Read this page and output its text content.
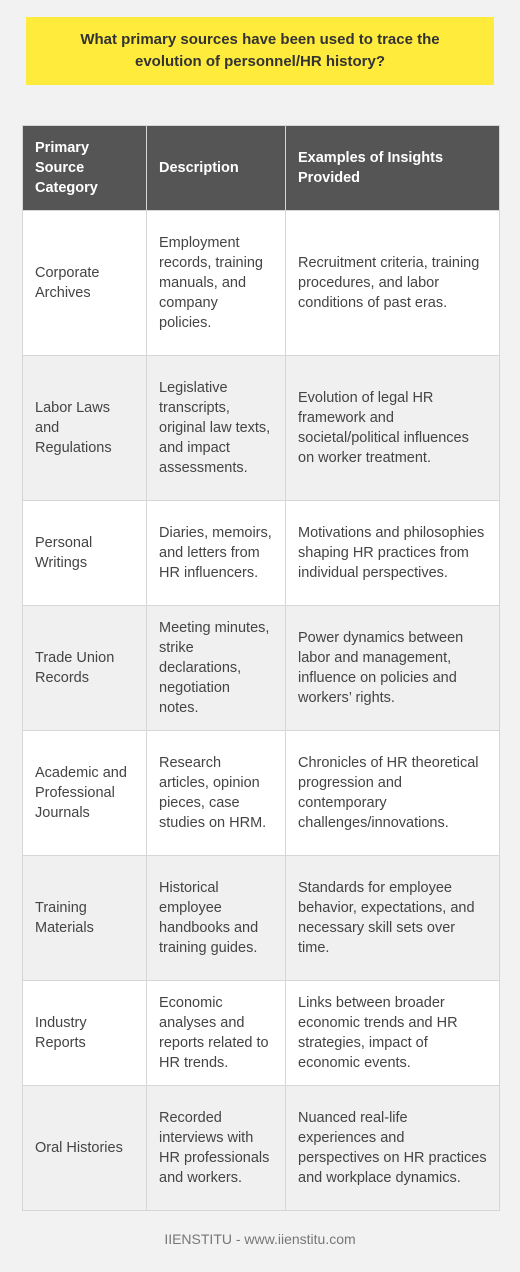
What primary sources have been used to trace the evolution of personnel/HR history?
Primary Source Category	Description	Examples of Insights Provided
Corporate Archives	Employment records, training manuals, and company policies.	Recruitment criteria, training procedures, and labor conditions of past eras.
Labor Laws and Regulations	Legislative transcripts, original law texts, and impact assessments.	Evolution of legal HR framework and societal/political influences on worker treatment.
Personal Writings	Diaries, memoirs, and letters from HR influencers.	Motivations and philosophies shaping HR practices from individual perspectives.
Trade Union Records	Meeting minutes, strike declarations, negotiation notes.	Power dynamics between labor and management, influence on policies and workers’ rights.
Academic and Professional Journals	Research articles, opinion pieces, case studies on HRM.	Chronicles of HR theoretical progression and contemporary challenges/innovations.
Training Materials	Historical employee handbooks and training guides.	Standards for employee behavior, expectations, and necessary skill sets over time.
Industry Reports	Economic analyses and reports related to HR trends.	Links between broader economic trends and HR strategies, impact of economic events.
Oral Histories	Recorded interviews with HR professionals and workers.	Nuanced real-life experiences and perspectives on HR practices and workplace dynamics.
IIENSTITU - www.iienstitu.com
